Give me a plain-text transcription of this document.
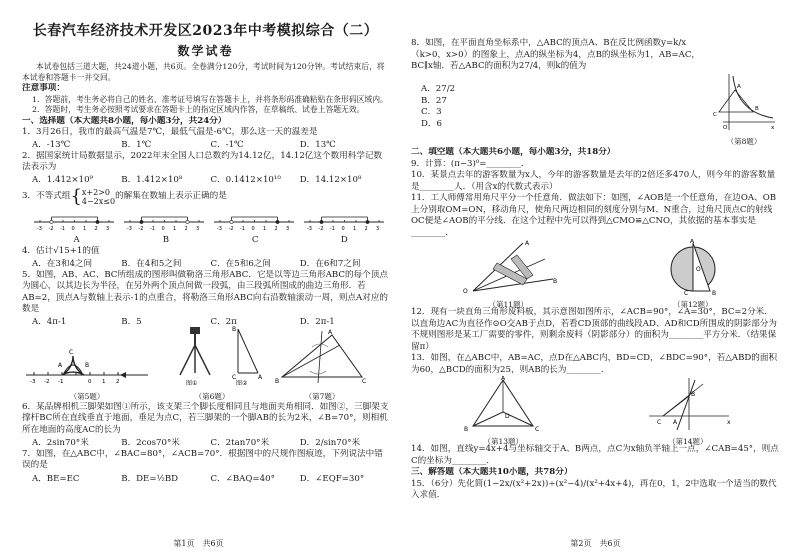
长春汽车经济技术开发区2023年中考模拟综合（二）

数学试卷

本试卷包括三道大题，共24道小题，共6页。全卷满分120分，考试时间为120分钟。考试结束后，将本试卷和答题卡一并交回。

注意事项：

1．答题前，考生务必将自己的姓名、准考证号填写在答题卡上，并将条形码准确粘贴在条形码区域内。

2．答题时，考生务必按照考试要求在答题卡上的指定区域内作答，在草稿纸、试卷上答题无效。

一、选择题（本大题共8小题，每小题3分，共24分）

1．3月26日，我市的最高气温是7℃，最低气温是-6℃，那么这一天的温差是

A．-13℃	B．1℃	C．-1℃	D．13℃

2．据国家统计局数据显示，2022年末全国人口总数约为14.12亿，14.12亿这个数用科学记数法表示为

A．1.412×10⁹	B．1.412×10⁸	C．0.1412×10¹⁰	D．14.12×10⁸
3．不等式组 { x+2>0
4−2x≤0
的解集在数轴上表示正确的是
-3 -2 -1 0 1 2 3	-3 -2 -1 0 1 2 3	-3 -2 -1 0 1 2 3	-3 -2 -1 0 1 2 3
A	B	C	D

4．估计√15+1的值

A．在3和4之间	B．在4和5之间	C．在5和6之间	D．在6和7之间

5．如图，AB、AC、BC所组成的图形叫做勒洛三角形ABC．它是以等边三角形ABC的每个顶点为圆心，以其边长为半径，在另外两个顶点间做一段弧，由三段弧所围成的曲边三角形．若AB=2，顶点A与数轴上表示-1的点重合，将勒洛三角形ABC向右沿数轴滚动一周，则点A对应的数是

A．4π-1	B．5	C．2π	D．2π-1
A
C
B
-3 -2 -1	0 1 2
（第5题）
B
C	A
图①	图②
（第6题）
A
B	C
（第7题）

6．某品牌相机三脚架如图①所示，该支架三个脚长度相同且与地面夹角相同．如图②，三脚架支撑杆BC所在直线垂直于地面，垂足为点C，若三脚架的一个脚AB的长为2米，∠B=70°，则相机所在地面的高度AC的长为

A．2sin70°米	B．2cos70°米	C．2tan70°米	D．2/sin70°米

7．如图，在△ABC中，∠BAC=80°，∠ACB=70°．根据图中的尺规作图痕迹，下列说法中错误的是

A．BE=EC	B．DE=½BD	C．∠BAQ=40°	D．∠EQF=30°
第1页　共6页

8．如图，在平面直角坐标系中，△ABC的顶点A、B在反比例函数y=k/x（k>0，x>0）的图象上，点A的纵坐标为4，点B的纵坐标为1，AB=AC，BC∥x轴．若△ABC的面积为27/4，则k的值为

A．27/2

B．27

C．3

D．6

A
B
C
O	x
（第8题）

二、填空题（本大题共6小题，每小题3分，共18分）

9．计算：(π−3)⁰=________．

10．某景点去年的游客数量为x人，今年的游客数量是去年的2倍还多470人，则今年的游客数量是________人．（用含x的代数式表示）

11．工人师傅常用角尺平分一个任意角．做法如下：如图，∠AOB是一个任意角，在边OA、OB上分别取OM=ON，移动角尺，使角尺两边相同的刻度分别与M、N重合，过角尺顶点C的射线OC便是∠AOB的平分线．在这个过程中先可以得到△CMO≌△CNO，其依据的基本事实是________．

O
A
B
（第11题）
A
C	B
O
（第12题）

12．现有一块直角三角形废料板，其示意图如图所示，∠ACB=90°，∠A=30°，BC=2分米．以直角边AC为直径作⊙O交AB于点D，若看CD顶部的曲线段AD、AD和CD所围成的阴影部分为不规则图形是某工厂需要的零件，则剩余废料（阴影部分）的面积为________平方分米．（结果保留π）

13．如图，在△ABC中，AB=AC，点D在△ABC内，BD=CD，∠BDC=90°，若△ABD的面积为60，△BCD的面积为25，则AB的长为________．

A
B	C
D
（第13题）
B
A
C	x
（第14题）

14．如图，直线y=4x+4与坐标轴交于A、B两点，点C为x轴负半轴上一点，∠CAB=45°，则点C的坐标为________．

三、解答题（本大题共10小题，共78分）

15．（6分）先化简(1−2x/(x²+2x))÷(x²−4)/(x²+4x+4)，再在0，1，2中选取一个适当的数代入求值．

第2页　共6页
